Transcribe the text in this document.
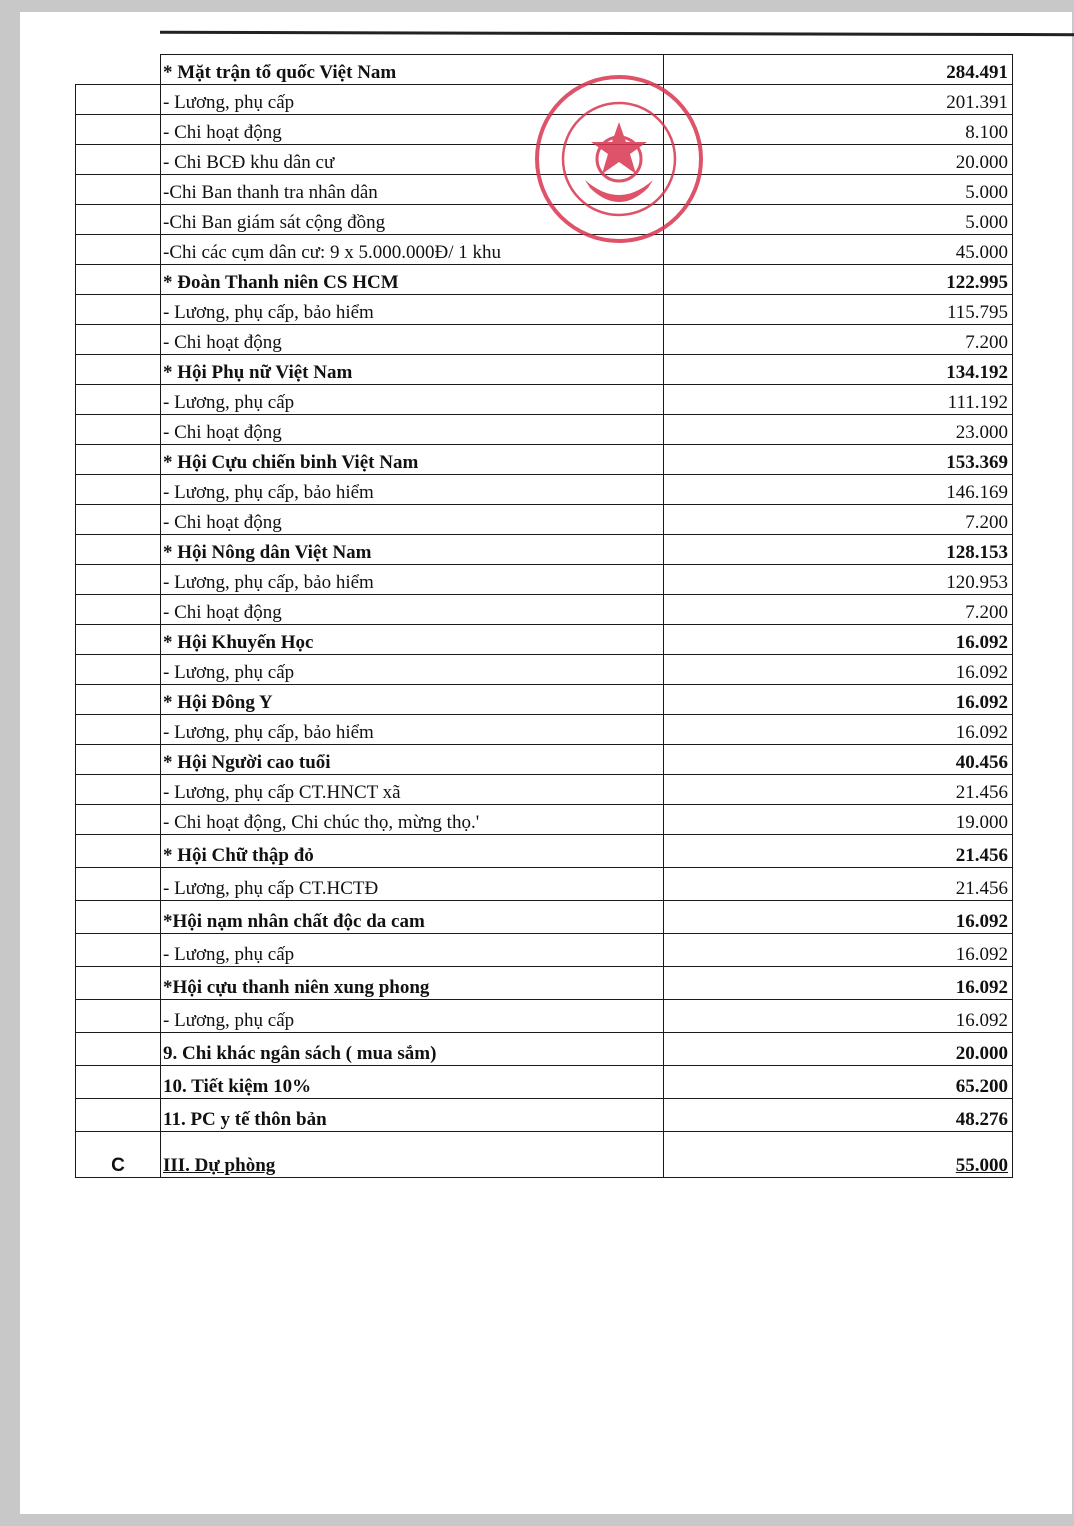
	* Mặt trận tổ quốc Việt Nam	284.491
	- Lương, phụ cấp	201.391
	- Chi hoạt động	8.100
	- Chi BCĐ khu dân cư	20.000
	-Chi Ban thanh tra nhân dân	5.000
	-Chi Ban giám sát cộng đồng	5.000
	-Chi các cụm dân cư: 9 x 5.000.000Đ/ 1 khu	45.000
	* Đoàn Thanh niên CS HCM	122.995
	- Lương, phụ cấp, bảo hiểm	115.795
	- Chi hoạt động	7.200
	* Hội Phụ nữ Việt Nam	134.192
	- Lương, phụ cấp	111.192
	- Chi hoạt động	23.000
	* Hội Cựu chiến binh Việt Nam	153.369
	- Lương, phụ cấp, bảo hiểm	146.169
	- Chi hoạt động	7.200
	* Hội Nông dân Việt Nam	128.153
	- Lương, phụ cấp, bảo hiểm	120.953
	- Chi hoạt động	7.200
	* Hội Khuyến Học	16.092
	- Lương, phụ cấp	16.092
	* Hội Đông Y	16.092
	- Lương, phụ cấp, bảo hiểm	16.092
	* Hội Người cao tuổi	40.456
	- Lương, phụ cấp CT.HNCT xã	21.456
	- Chi hoạt động, Chi chúc thọ, mừng thọ.'	19.000
	* Hội Chữ thập đỏ	21.456
	- Lương, phụ cấp CT.HCTĐ	21.456
	*Hội nạm nhân chất độc da cam	16.092
	- Lương, phụ cấp	16.092
	*Hội cựu thanh niên xung phong	16.092
	- Lương, phụ cấp	16.092
	9. Chi khác ngân sách ( mua sắm)	20.000
	10. Tiết kiệm 10%	65.200
	11. PC y tế thôn bản	48.276
C	III. Dự phòng	55.000
